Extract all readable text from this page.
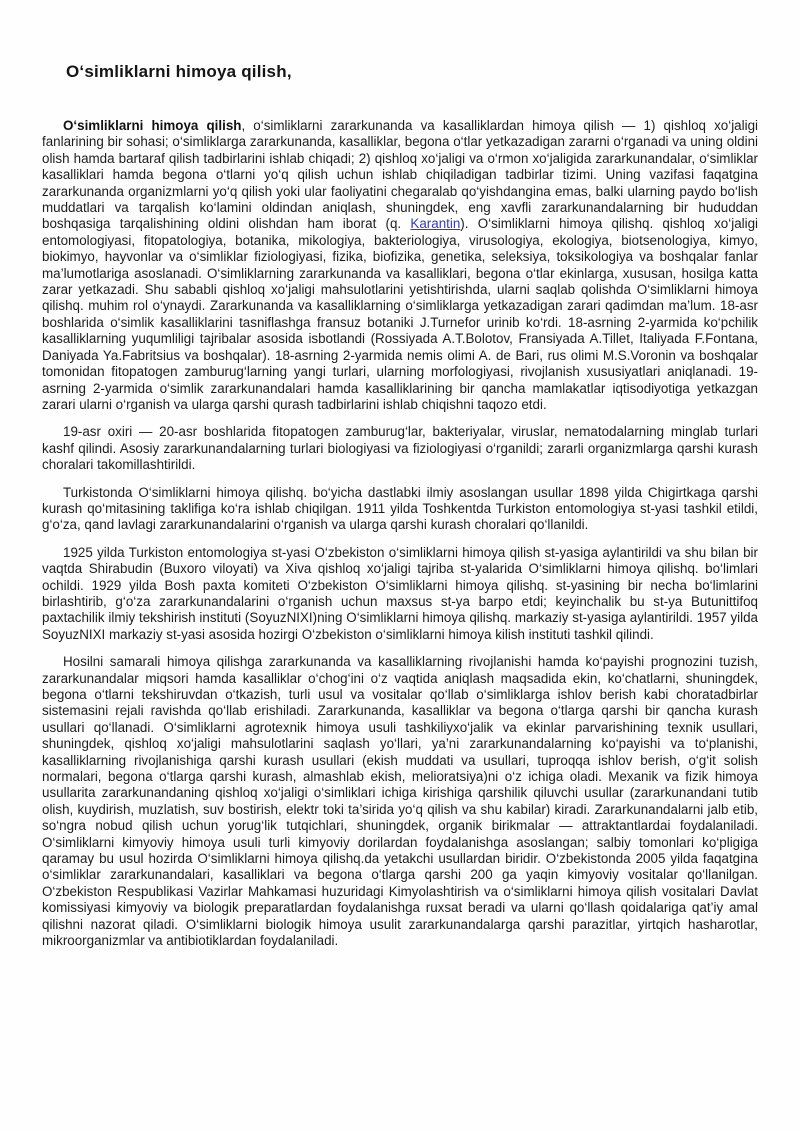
O‘simliklarni himoya qilish,

O‘simliklarni himoya qilish, o‘simliklarni zararkunanda va kasalliklardan himoya qilish — 1) qishloq xo‘jaligi fanlarining bir sohasi; o‘simliklarga zararkunanda, kasalliklar, begona o‘tlar yetkazadigan zararni o‘rganadi va uning oldini olish hamda bartaraf qilish tadbirlarini ishlab chiqadi; 2) qishloq xo‘jaligi va o‘rmon xo‘jaligida zararkunandalar, o‘simliklar kasalliklari hamda begona o‘tlarni yo‘q qilish uchun ishlab chiqiladigan tadbirlar tizimi. Uning vazifasi faqatgina zararkunanda organizmlarni yo‘q qilish yoki ular faoliyatini chegaralab qo‘yishdangina emas, balki ularning paydo bo‘lish muddatlari va tarqalish ko‘lamini oldindan aniqlash, shuningdek, eng xavfli zararkunandalarning bir hududdan boshqasiga tarqalishining oldini olishdan ham iborat (q. Karantin). O‘simliklarni himoya qilishq. qishloq xo‘jaligi entomologiyasi, fitopatologiya, botanika, mikologiya, bakteriologiya, virusologiya, ekologiya, biotsenologiya, kimyo, biokimyo, hayvonlar va o‘simliklar fiziologiyasi, fizika, biofizika, genetika, seleksiya, toksikologiya va boshqalar fanlar ma’lumotlariga asoslanadi. O‘simliklarning zararkunanda va kasalliklari, begona o‘tlar ekinlarga, xususan, hosilga katta zarar yetkazadi. Shu sababli qishloq xo‘jaligi mahsulotlarini yetishtirishda, ularni saqlab qolishda O‘simliklarni himoya qilishq. muhim rol o‘ynaydi. Zararkunanda va kasalliklarning o‘simliklarga yetkazadigan zarari qadimdan ma’lum. 18-asr boshlarida o‘simlik kasalliklarini tasniflashga fransuz botaniki J.Turnefor urinib ko‘rdi. 18-asrning 2-yarmida ko‘pchilik kasalliklarning yuqumliligi tajribalar asosida isbotlandi (Rossiyada A.T.Bolotov, Fransiyada A.Tillet, Italiyada F.Fontana, Daniyada Ya.Fabritsius va boshqalar). 18-asrning 2-yarmida nemis olimi A. de Bari, rus olimi M.S.Voronin va boshqalar tomonidan fitopatogen zamburug‘larning yangi turlari, ularning morfologiyasi, rivojlanish xususiyatlari aniqlanadi. 19-asrning 2-yarmida o‘simlik zararkunandalari hamda kasalliklarining bir qancha mamlakatlar iqtisodiyotiga yetkazgan zarari ularni o‘rganish va ularga qarshi qurash tadbirlarini ishlab chiqishni taqozo etdi.

19-asr oxiri — 20-asr boshlarida fitopatogen zamburug‘lar, bakteriyalar, viruslar, nematodalarning minglab turlari kashf qilindi. Asosiy zararkunandalarning turlari biologiyasi va fiziologiyasi o‘rganildi; zararli organizmlarga qarshi kurash choralari takomillashtirildi.

Turkistonda O‘simliklarni himoya qilishq. bo‘yicha dastlabki ilmiy asoslangan usullar 1898 yilda Chigirtkaga qarshi kurash qo‘mitasining taklifiga ko‘ra ishlab chiqilgan. 1911 yilda Toshkentda Turkiston entomologiya st-yasi tashkil etildi, g‘o‘za, qand lavlagi zararkunandalarini o‘rganish va ularga qarshi kurash choralari qo‘llanildi.

1925 yilda Turkiston entomologiya st-yasi O‘zbekiston o‘simliklarni himoya qilish st-yasiga aylantirildi va shu bilan bir vaqtda Shirabudin (Buxoro viloyati) va Xiva qishloq xo‘jaligi tajriba st-yalarida O‘simliklarni himoya qilishq. bo‘limlari ochildi. 1929 yilda Bosh paxta komiteti O‘zbekiston O‘simliklarni himoya qilishq. st-yasining bir necha bo‘limlarini birlashtirib, g‘o‘za zararkunandalarini o‘rganish uchun maxsus st-ya barpo etdi; keyinchalik bu st-ya Butunittifoq paxtachilik ilmiy tekshirish instituti (SoyuzNIXI)ning O‘simliklarni himoya qilishq. markaziy st-yasiga aylantirildi. 1957 yilda SoyuzNIXI markaziy st-yasi asosida hozirgi O‘zbekiston o‘simliklarni himoya kilish instituti tashkil qilindi.

Hosilni samarali himoya qilishga zararkunanda va kasalliklarning rivojlanishi hamda ko‘payishi prognozini tuzish, zararkunandalar miqsori hamda kasalliklar o‘chog‘ini o‘z vaqtida aniqlash maqsadida ekin, ko‘chatlarni, shuningdek, begona o‘tlarni tekshiruvdan o‘tkazish, turli usul va vositalar qo‘llab o‘simliklarga ishlov berish kabi choratadbirlar sistemasini rejali ravishda qo‘llab erishiladi. Zararkunanda, kasalliklar va begona o‘tlarga qarshi bir qancha kurash usullari qo‘llanadi. O‘simliklarni agrotexnik himoya usuli tashkiliyxo‘jalik va ekinlar parvarishining texnik usullari, shuningdek, qishloq xo‘jaligi mahsulotlarini saqlash yo‘llari, ya’ni zararkunandalarning ko‘payishi va to‘planishi, kasalliklarning rivojlanishiga qarshi kurash usullari (ekish muddati va usullari, tuproqqa ishlov berish, o‘g‘it solish normalari, begona o‘tlarga qarshi kurash, almashlab ekish, melioratsiya)ni o‘z ichiga oladi. Mexanik va fizik himoya usullarita zararkunandaning qishloq xo‘jaligi o‘simliklari ichiga kirishiga qarshilik qiluvchi usullar (zararkunandani tutib olish, kuydirish, muzlatish, suv bostirish, elektr toki ta’sirida yo‘q qilish va shu kabilar) kiradi. Zararkunandalarni jalb etib, so‘ngra nobud qilish uchun yorug‘lik tutqichlari, shuningdek, organik birikmalar — attraktantlardai foydalaniladi. O‘simliklarni kimyoviy himoya usuli turli kimyoviy dorilardan foydalanishga asoslangan; salbiy tomonlari ko‘pligiga qaramay bu usul hozirda O‘simliklarni himoya qilishq.da yetakchi usullardan biridir. O‘zbekistonda 2005 yilda faqatgina o‘simliklar zararkunandalari, kasalliklari va begona o‘tlarga qarshi 200 ga yaqin kimyoviy vositalar qo‘llanilgan. O‘zbekiston Respublikasi Vazirlar Mahkamasi huzuridagi Kimyolashtirish va o‘simliklarni himoya qilish vositalari Davlat komissiyasi kimyoviy va biologik preparatlardan foydalanishga ruxsat beradi va ularni qo‘llash qoidalariga qat’iy amal qilishni nazorat qiladi. O‘simliklarni biologik himoya usulit zararkunandalarga qarshi parazitlar, yirtqich hasharotlar, mikroorganizmlar va antibiotiklardan foydalaniladi.
